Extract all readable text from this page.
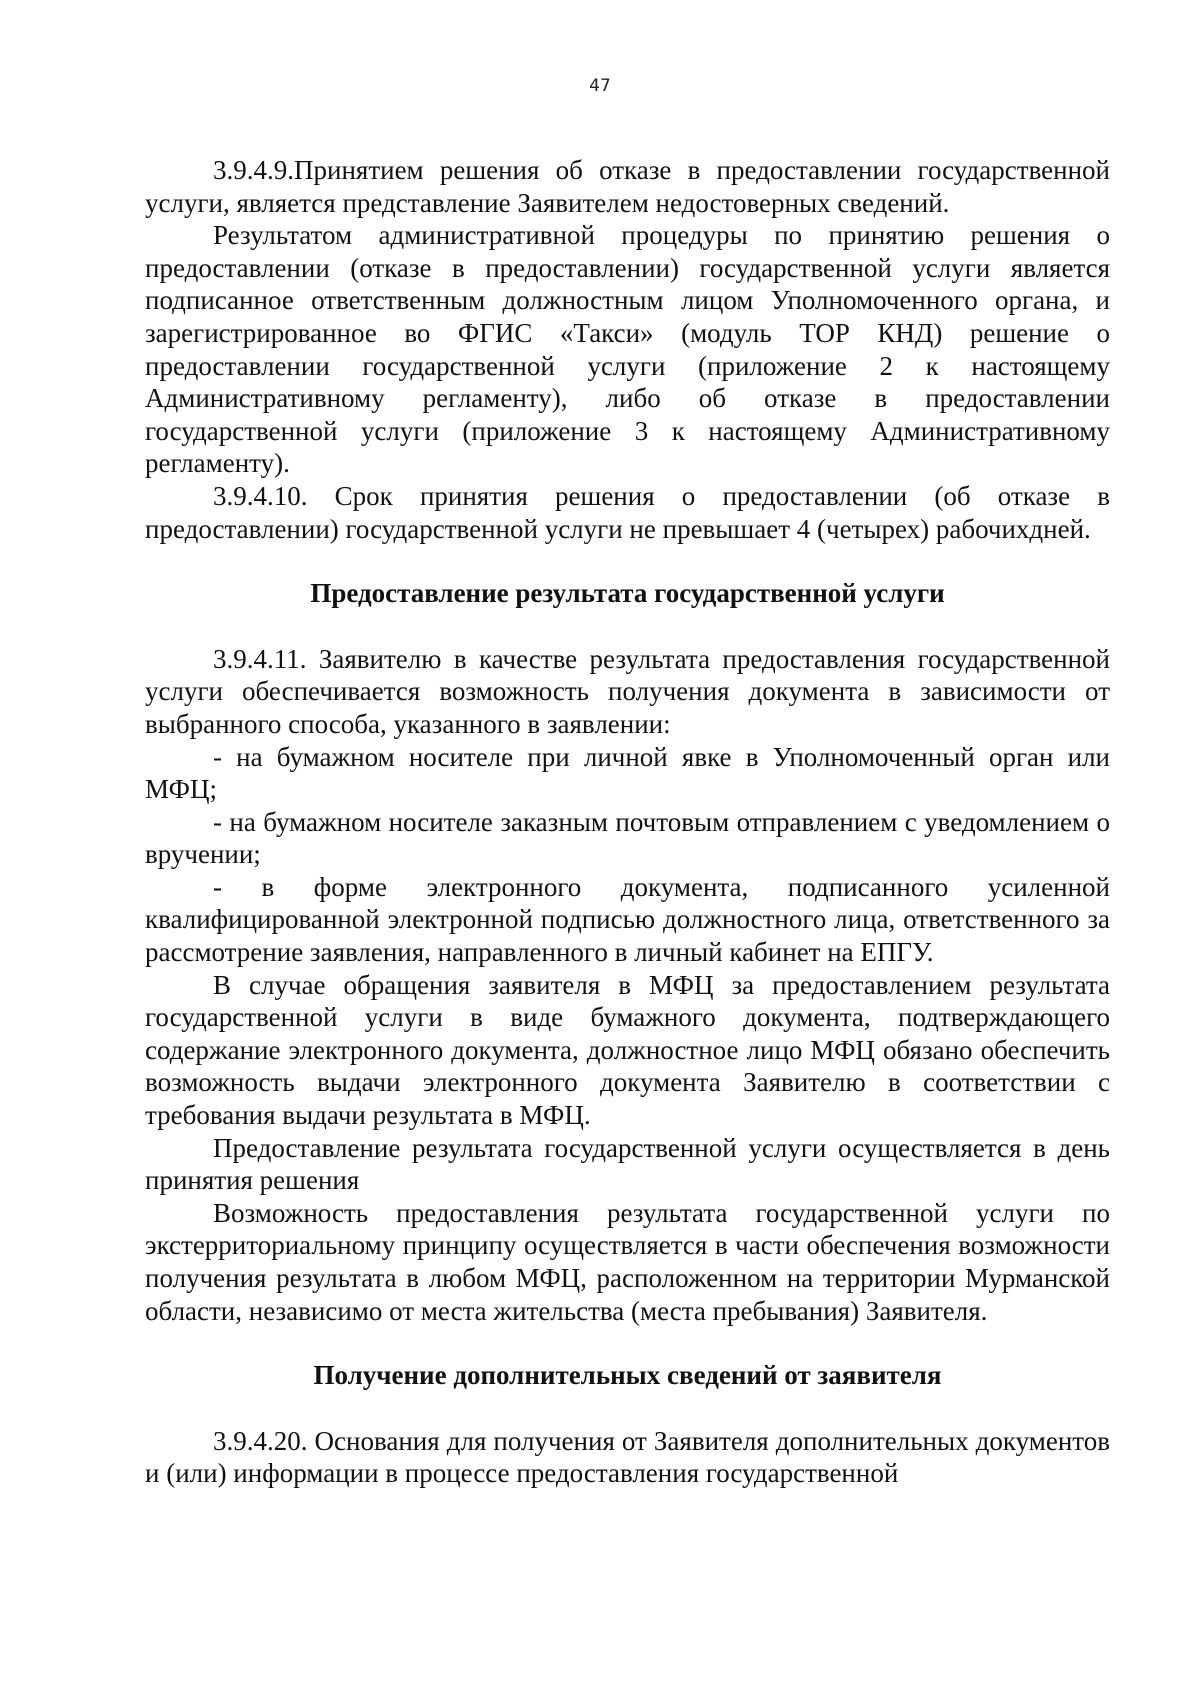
47

3.9.4.9.Принятием решения об отказе в предоставлении государственной услуги, является представление Заявителем недостоверных сведений.

Результатом административной процедуры по принятию решения о предоставлении (отказе в предоставлении) государственной услуги является подписанное ответственным должностным лицом Уполномоченного органа, и зарегистрированное во ФГИС «Такси» (модуль ТОР КНД) решение о предоставлении государственной услуги (приложение 2 к настоящему Административному регламенту), либо об отказе в предоставлении государственной услуги (приложение 3 к настоящему Административному регламенту).

3.9.4.10. Срок принятия решения о предоставлении (об отказе в предоставлении) государственной услуги не превышает 4 (четырех) рабочихдней.

Предоставление результата государственной услуги

3.9.4.11. Заявителю в качестве результата предоставления государственной услуги обеспечивается возможность получения документа в зависимости от выбранного способа, указанного в заявлении:

- на бумажном носителе при личной явке в Уполномоченный орган или МФЦ;

- на бумажном носителе заказным почтовым отправлением с уведомлением о вручении;

- в форме электронного документа, подписанного усиленной квалифицированной электронной подписью должностного лица, ответственного за рассмотрение заявления, направленного в личный кабинет на ЕПГУ.

В случае обращения заявителя в МФЦ за предоставлением результата государственной услуги в виде бумажного документа, подтверждающего содержание электронного документа, должностное лицо МФЦ обязано обеспечить возможность выдачи электронного документа Заявителю в соответствии с требования выдачи результата в МФЦ.

Предоставление результата государственной услуги осуществляется в день принятия решения

Возможность предоставления результата государственной услуги по экстерриториальному принципу осуществляется в части обеспечения возможности получения результата в любом МФЦ, расположенном на территории Мурманской области, независимо от места жительства (места пребывания) Заявителя.

Получение дополнительных сведений от заявителя

3.9.4.20. Основания для получения от Заявителя дополнительных документов и (или) информации в процессе предоставления государственной
